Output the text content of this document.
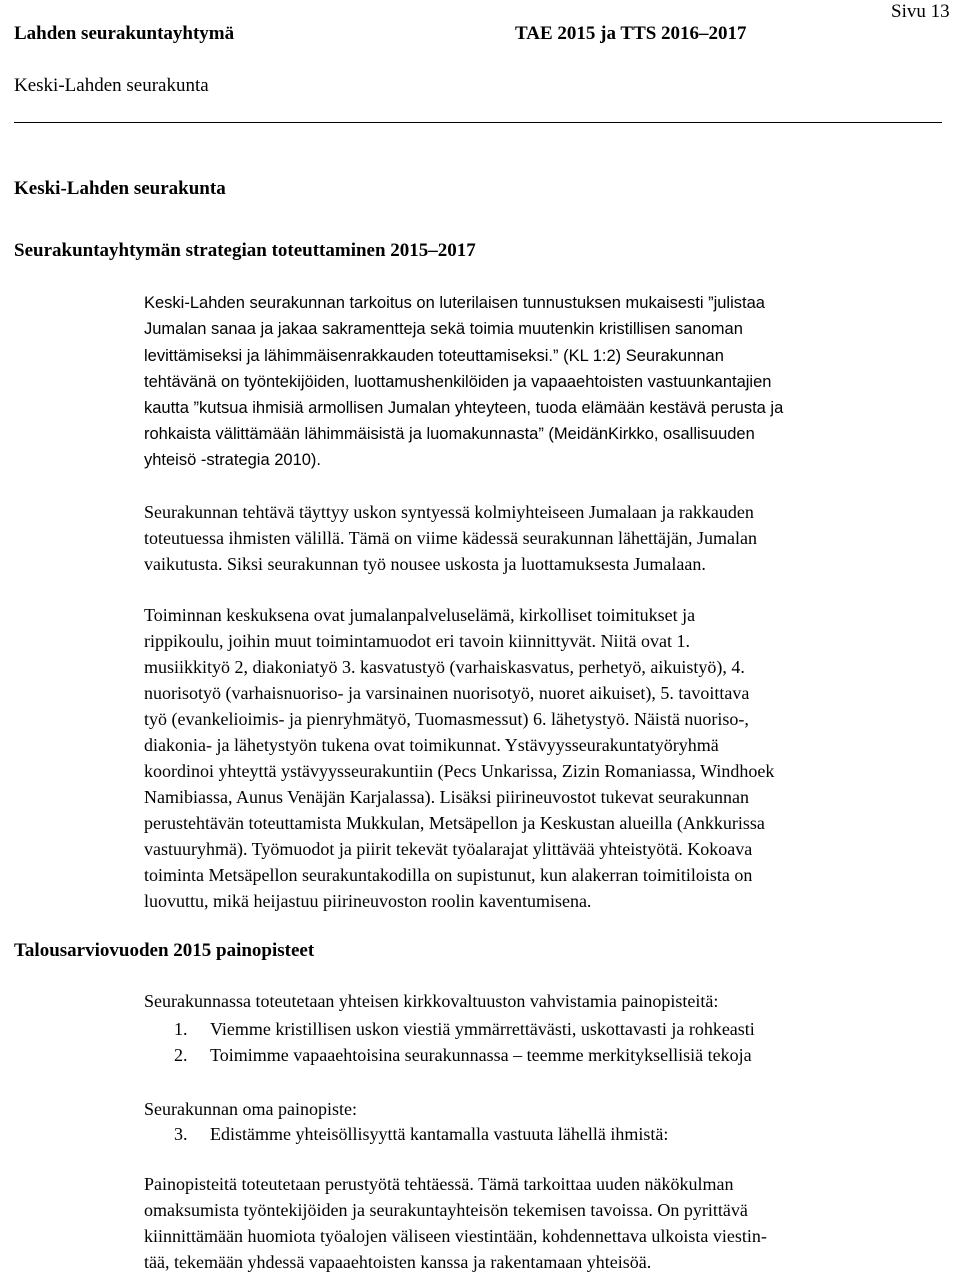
Lahden seurakuntayhtymä	TAE 2015 ja TTS 2016–2017
Sivu 13
Keski-Lahden seurakunta
Keski-Lahden seurakunta
Seurakuntayhtymän strategian toteuttaminen 2015–2017
Keski-Lahden seurakunnan tarkoitus on luterilaisen tunnustuksen mukaisesti ”julistaa
Jumalan sanaa ja jakaa sakramentteja sekä toimia muutenkin kristillisen sanoman
levittämiseksi ja lähimmäisenrakkauden toteuttamiseksi.” (KL 1:2) Seurakunnan
tehtävänä on työntekijöiden, luottamushenkilöiden ja vapaaehtoisten vastuunkantajien
kautta ”kutsua ihmisiä armollisen Jumalan yhteyteen, tuoda elämään kestävä perusta ja
rohkaista välittämään lähimmäisistä ja luomakunnasta” (MeidänKirkko, osallisuuden
yhteisö -strategia 2010).
Seurakunnan tehtävä täyttyy uskon syntyessä kolmiyhteiseen Jumalaan ja rakkauden
toteutuessa ihmisten välillä. Tämä on viime kädessä seurakunnan lähettäjän, Jumalan
vaikutusta. Siksi seurakunnan työ nousee uskosta ja luottamuksesta Jumalaan.
Toiminnan keskuksena ovat jumalanpalveluselämä, kirkolliset toimitukset ja
rippikoulu, joihin muut toimintamuodot eri tavoin kiinnittyvät. Niitä ovat 1.
musiikkityö 2, diakoniatyö 3. kasvatustyö (varhaiskasvatus, perhetyö, aikuistyö), 4.
nuorisotyö (varhaisnuoriso- ja varsinainen nuorisotyö, nuoret aikuiset), 5. tavoittava
työ (evankelioimis- ja pienryhmätyö, Tuomasmessut) 6. lähetystyö. Näistä nuoriso-,
diakonia- ja lähetystyön tukena ovat toimikunnat. Ystävyysseurakuntatyöryhmä
koordinoi yhteyttä ystävyysseurakuntiin (Pecs Unkarissa, Zizin Romaniassa, Windhoek
Namibiassa, Aunus Venäjän Karjalassa). Lisäksi piirineuvostot tukevat seurakunnan
perustehtävän toteuttamista Mukkulan, Metsäpellon ja Keskustan alueilla (Ankkurissa
vastuuryhmä). Työmuodot ja piirit tekevät työalarajat ylittävää yhteistyötä. Kokoava
toiminta Metsäpellon seurakuntakodilla on supistunut, kun alakerran toimitiloista on
luovuttu, mikä heijastuu piirineuvoston roolin kaventumisena.
Talousarviovuoden 2015 painopisteet
Seurakunnassa toteutetaan yhteisen kirkkovaltuuston vahvistamia painopisteitä:
1.	Viemme kristillisen uskon viestiä ymmärrettävästi, uskottavasti ja rohkeasti
2.	Toimimme vapaaehtoisina seurakunnassa – teemme merkityksellisiä tekoja
Seurakunnan oma painopiste:
3.	Edistämme yhteisöllisyyttä kantamalla vastuuta lähellä ihmistä:
Painopisteitä toteutetaan perustyötä tehtäessä. Tämä tarkoittaa uuden näkökulman
omaksumista työntekijöiden ja seurakuntayhteisön tekemisen tavoissa. On pyrittävä
kiinnittämään huomiota työalojen väliseen viestintään, kohdennettava ulkoista viestin-
tää, tekemään yhdessä vapaaehtoisten kanssa ja rakentamaan yhteisöä.
